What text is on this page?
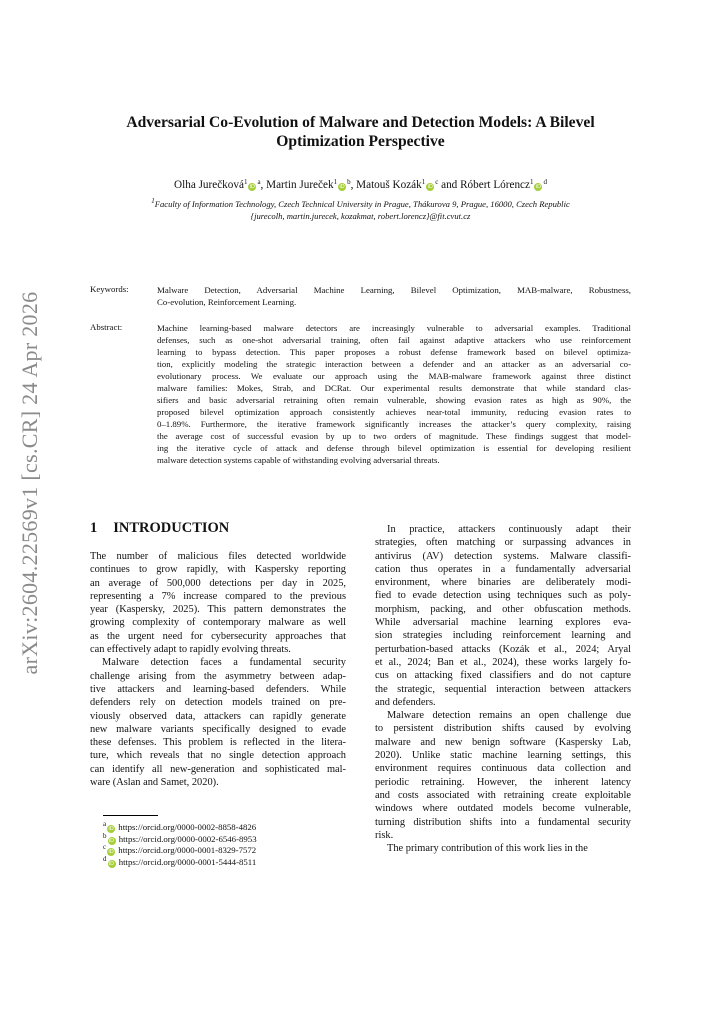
arXiv:2604.22569v1 [cs.CR] 24 Apr 2026
Adversarial Co-Evolution of Malware and Detection Models: A Bilevel
Optimization Perspective
Olha $Jurečková^1iD^a$, Martin $Jureček^1iD^b$, Matouš $Kozák^1iD^c$ and Róbert $Lórencz^1iD^d$
$^1$Faculty of Information Technology, Czech Technical University in Prague, Thákurova 9, Prague, 16000, Czech Republic
{jurecolh, martin.jurecek, kozakmat, robert.lorencz}@fit.cvut.cz
Keywords:	Malware Detection, Adversarial Machine Learning, Bilevel Optimization, MAB-malware, Robustness,
Co-evolution, Reinforcement Learning.
Abstract:	Machine learning-based malware detectors are increasingly vulnerable to adversarial examples. Traditional
defenses, such as one-shot adversarial training, often fail against adaptive attackers who use reinforcement
learning to bypass detection. This paper proposes a robust defense framework based on bilevel optimiza-
tion, explicitly modeling the strategic interaction between a defender and an attacker as an adversarial co-
evolutionary process. We evaluate our approach using the MAB-malware framework against three distinct
malware families: Mokes, Strab, and DCRat. Our experimental results demonstrate that while standard clas-
sifiers and basic adversarial retraining often remain vulnerable, showing evasion rates as high as 90%, the
proposed bilevel optimization approach consistently achieves near-total immunity, reducing evasion rates to
0–1.89%. Furthermore, the iterative framework significantly increases the attacker’s query complexity, raising
the average cost of successful evasion by up to two orders of magnitude. These findings suggest that model-
ing the iterative cycle of attack and defense through bilevel optimization is essential for developing resilient
malware detection systems capable of withstanding evolving adversarial threats.
1 INTRODUCTION
The number of malicious files detected worldwide
continues to grow rapidly, with Kaspersky reporting
an average of 500,000 detections per day in 2025,
representing a 7% increase compared to the previous
year (Kaspersky, 2025). This pattern demonstrates the
growing complexity of contemporary malware as well
as the urgent need for cybersecurity approaches that
can effectively adapt to rapidly evolving threats.
Malware detection faces a fundamental security
challenge arising from the asymmetry between adap-
tive attackers and learning-based defenders. While
defenders rely on detection models trained on pre-
viously observed data, attackers can rapidly generate
new malware variants specifically designed to evade
these defenses. This problem is reflected in the litera-
ture, which reveals that no single detection approach
can identify all new-generation and sophisticated mal-
ware (Aslan and Samet, 2020).
In practice, attackers continuously adapt their
strategies, often matching or surpassing advances in
antivirus (AV) detection systems. Malware classifi-
cation thus operates in a fundamentally adversarial
environment, where binaries are deliberately modi-
fied to evade detection using techniques such as poly-
morphism, packing, and other obfuscation methods.
While adversarial machine learning explores eva-
sion strategies including reinforcement learning and
perturbation-based attacks (Kozák et al., 2024; Aryal
et al., 2024; Ban et al., 2024), these works largely fo-
cus on attacking fixed classifiers and do not capture
the strategic, sequential interaction between attackers
and defenders.
Malware detection remains an open challenge due
to persistent distribution shifts caused by evolving
malware and new benign software (Kaspersky Lab,
2020). Unlike static machine learning settings, this
environment requires continuous data collection and
periodic retraining. However, the inherent latency
and costs associated with retraining create exploitable
windows where outdated models become vulnerable,
turning distribution shifts into a fundamental security
risk.
The primary contribution of this work lies in the
$^a$iD https://orcid.org/0000-0002-8858-4826
$^b$iD https://orcid.org/0000-0002-6546-8953
$^c$iD https://orcid.org/0000-0001-8329-7572
$^d$iD https://orcid.org/0000-0001-5444-8511
